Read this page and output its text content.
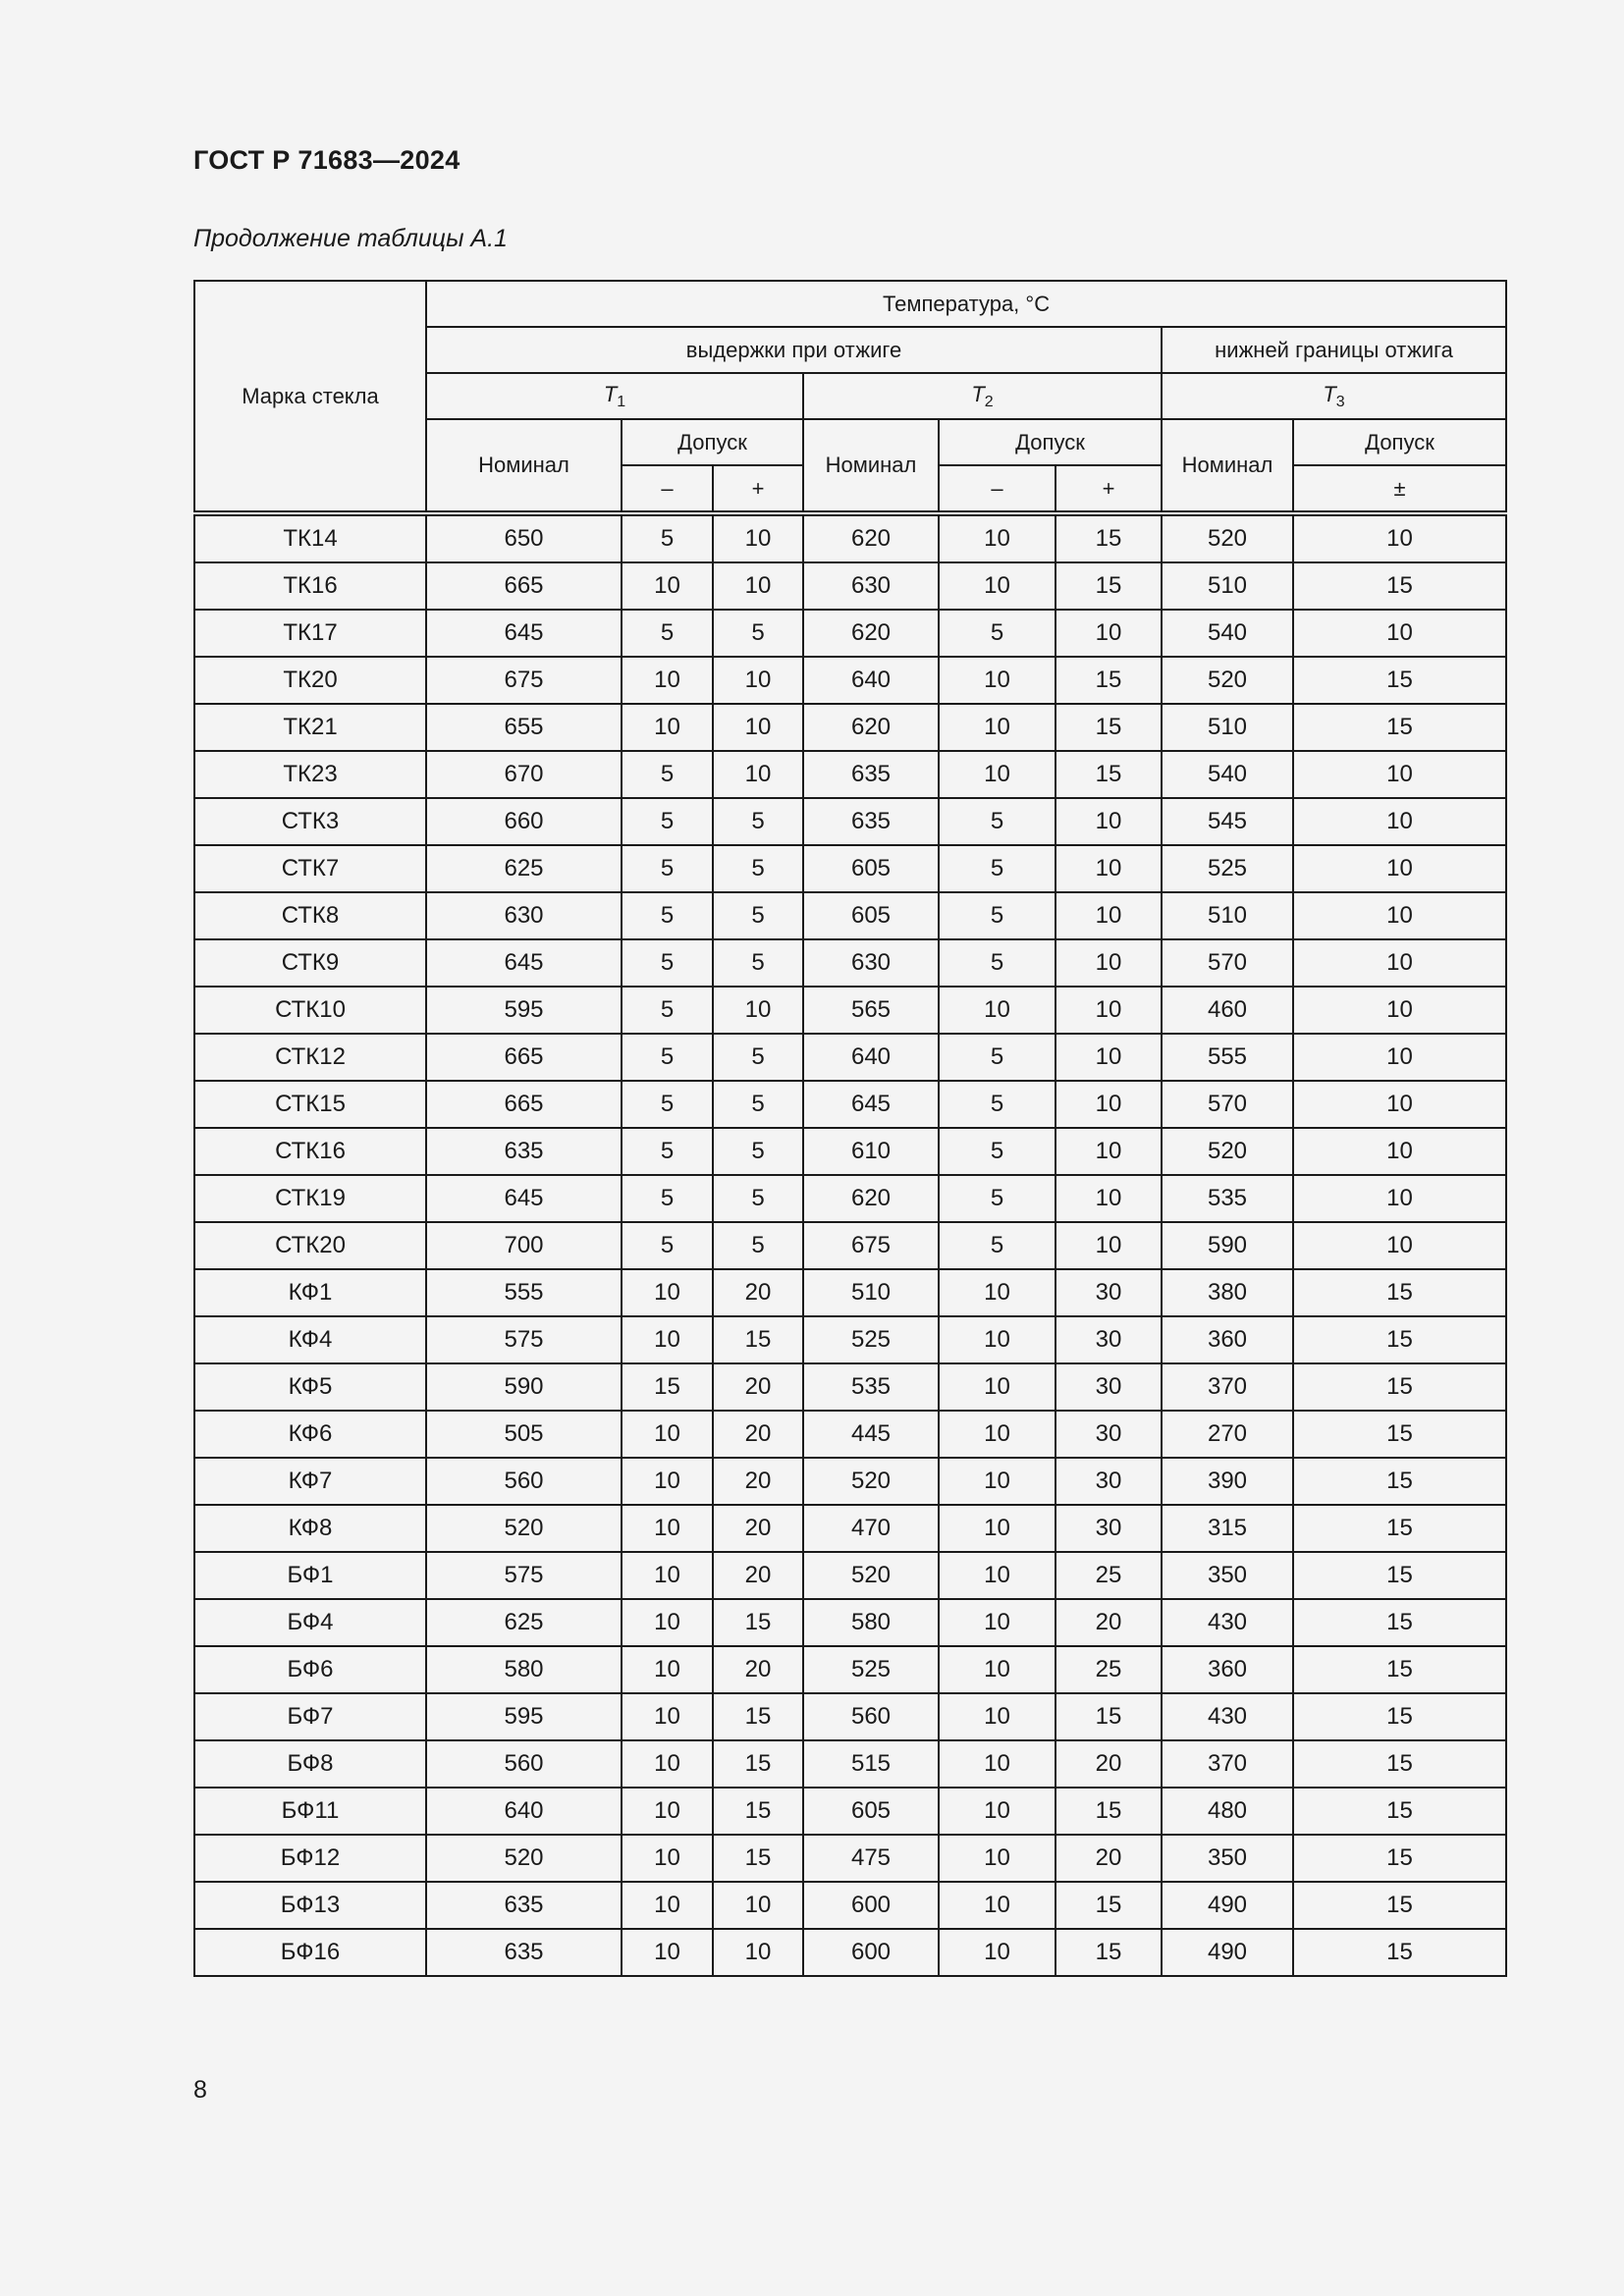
ГОСТ Р 71683—2024
Продолжение таблицы А.1
Марка стекла	Температура, °С							
	выдержки при отжиге						нижней границы отжига	
	$T_1$			$T_2$			$T_3$
	Номинал	Допуск		Номинал	Допуск		Номинал	Допуск
		–	+		–	+		±
ТК14	650	5	10	620	10	15	520	10
ТК16	665	10	10	630	10	15	510	15
ТК17	645	5	5	620	5	10	540	10
ТК20	675	10	10	640	10	15	520	15
ТК21	655	10	10	620	10	15	510	15
ТК23	670	5	10	635	10	15	540	10
СТК3	660	5	5	635	5	10	545	10
СТК7	625	5	5	605	5	10	525	10
СТК8	630	5	5	605	5	10	510	10
СТК9	645	5	5	630	5	10	570	10
СТК10	595	5	10	565	10	10	460	10
СТК12	665	5	5	640	5	10	555	10
СТК15	665	5	5	645	5	10	570	10
СТК16	635	5	5	610	5	10	520	10
СТК19	645	5	5	620	5	10	535	10
СТК20	700	5	5	675	5	10	590	10
КФ1	555	10	20	510	10	30	380	15
КФ4	575	10	15	525	10	30	360	15
КФ5	590	15	20	535	10	30	370	15
КФ6	505	10	20	445	10	30	270	15
КФ7	560	10	20	520	10	30	390	15
КФ8	520	10	20	470	10	30	315	15
БФ1	575	10	20	520	10	25	350	15
БФ4	625	10	15	580	10	20	430	15
БФ6	580	10	20	525	10	25	360	15
БФ7	595	10	15	560	10	15	430	15
БФ8	560	10	15	515	10	20	370	15
БФ11	640	10	15	605	10	15	480	15
БФ12	520	10	15	475	10	20	350	15
БФ13	635	10	10	600	10	15	490	15
БФ16	635	10	10	600	10	15	490	15
8
